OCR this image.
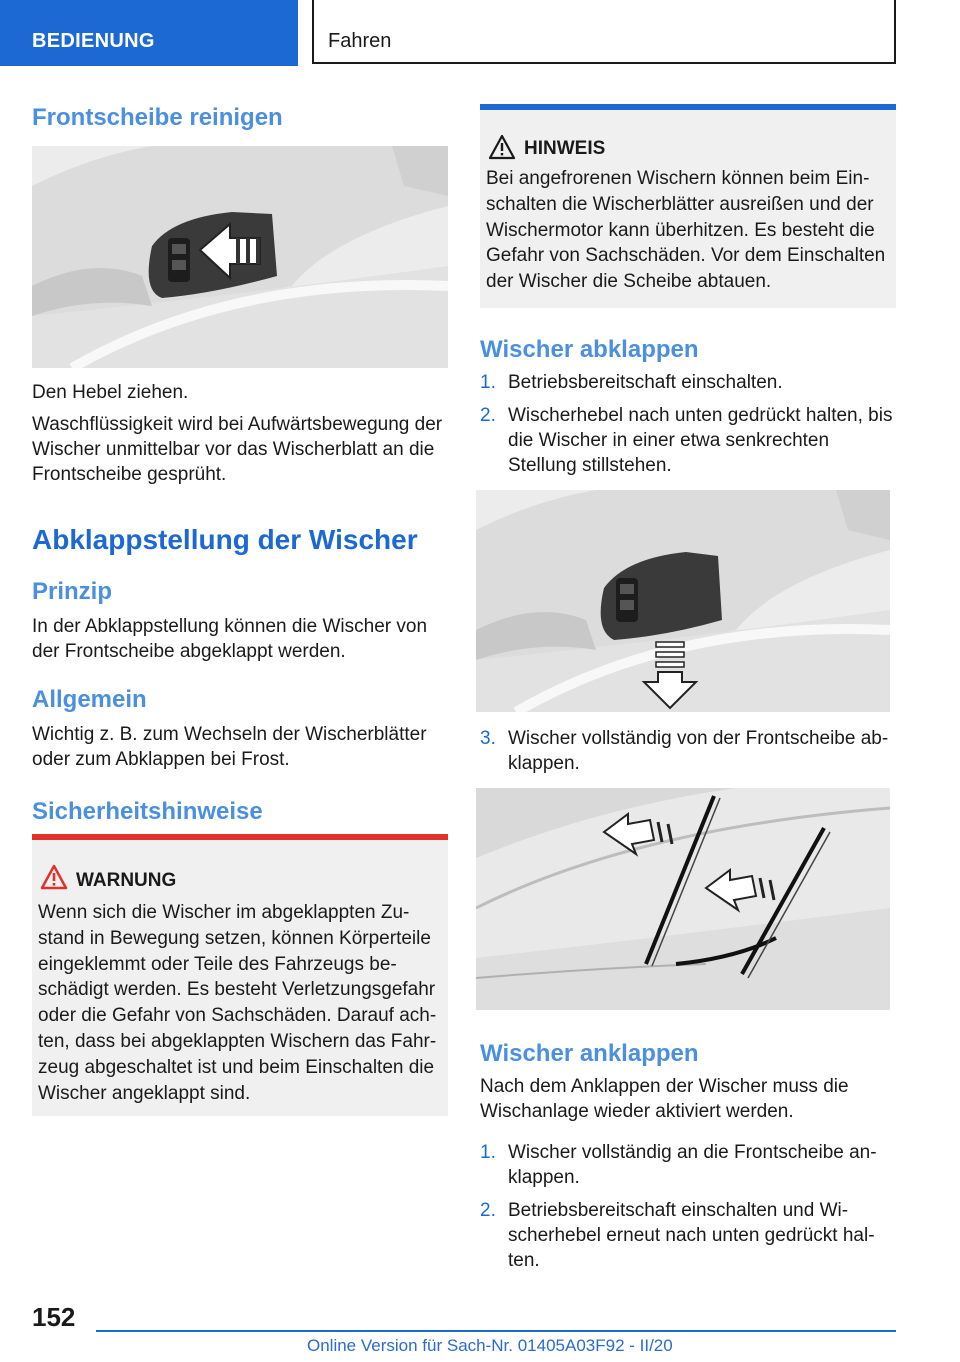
BEDIENUNG	Fahren
Frontscheibe reinigen
Den Hebel ziehen.
Waschflüssigkeit wird bei Aufwärtsbewegung der Wischer unmittelbar vor das Wischerblatt an die Frontscheibe gesprüht.
Abklappstellung der Wischer
Prinzip
In der Abklappstellung können die Wischer von der Frontscheibe abgeklappt werden.
Allgemein
Wichtig z. B. zum Wechseln der Wischerblätter oder zum Abklappen bei Frost.
Sicherheitshinweise
WARNUNG
Wenn sich die Wischer im abgeklappten Zustand in Bewegung setzen, können Körperteile eingeklemmt oder Teile des Fahrzeugs beschädigt werden. Es besteht Verletzungsgefahr oder die Gefahr von Sachschäden. Darauf achten, dass bei abgeklappten Wischern das Fahrzeug abgeschaltet ist und beim Einschalten die Wischer angeklappt sind.
HINWEIS
Bei angefrorenen Wischern können beim Einschalten die Wischerblätter ausreißen und der Wischermotor kann überhitzen. Es besteht die Gefahr von Sachschäden. Vor dem Einschalten der Wischer die Scheibe abtauen.
Wischer abklappen
1. Betriebsbereitschaft einschalten.
2. Wischerhebel nach unten gedrückt halten, bis die Wischer in einer etwa senkrechten Stellung stillstehen.
3. Wischer vollständig von der Frontscheibe abklappen.
Wischer anklappen
Nach dem Anklappen der Wischer muss die Wischanlage wieder aktiviert werden.
1. Wischer vollständig an die Frontscheibe anklappen.
2. Betriebsbereitschaft einschalten und Wischerhebel erneut nach unten gedrückt halten.
152
Online Version für Sach-Nr. 01405A03F92 - II/20
